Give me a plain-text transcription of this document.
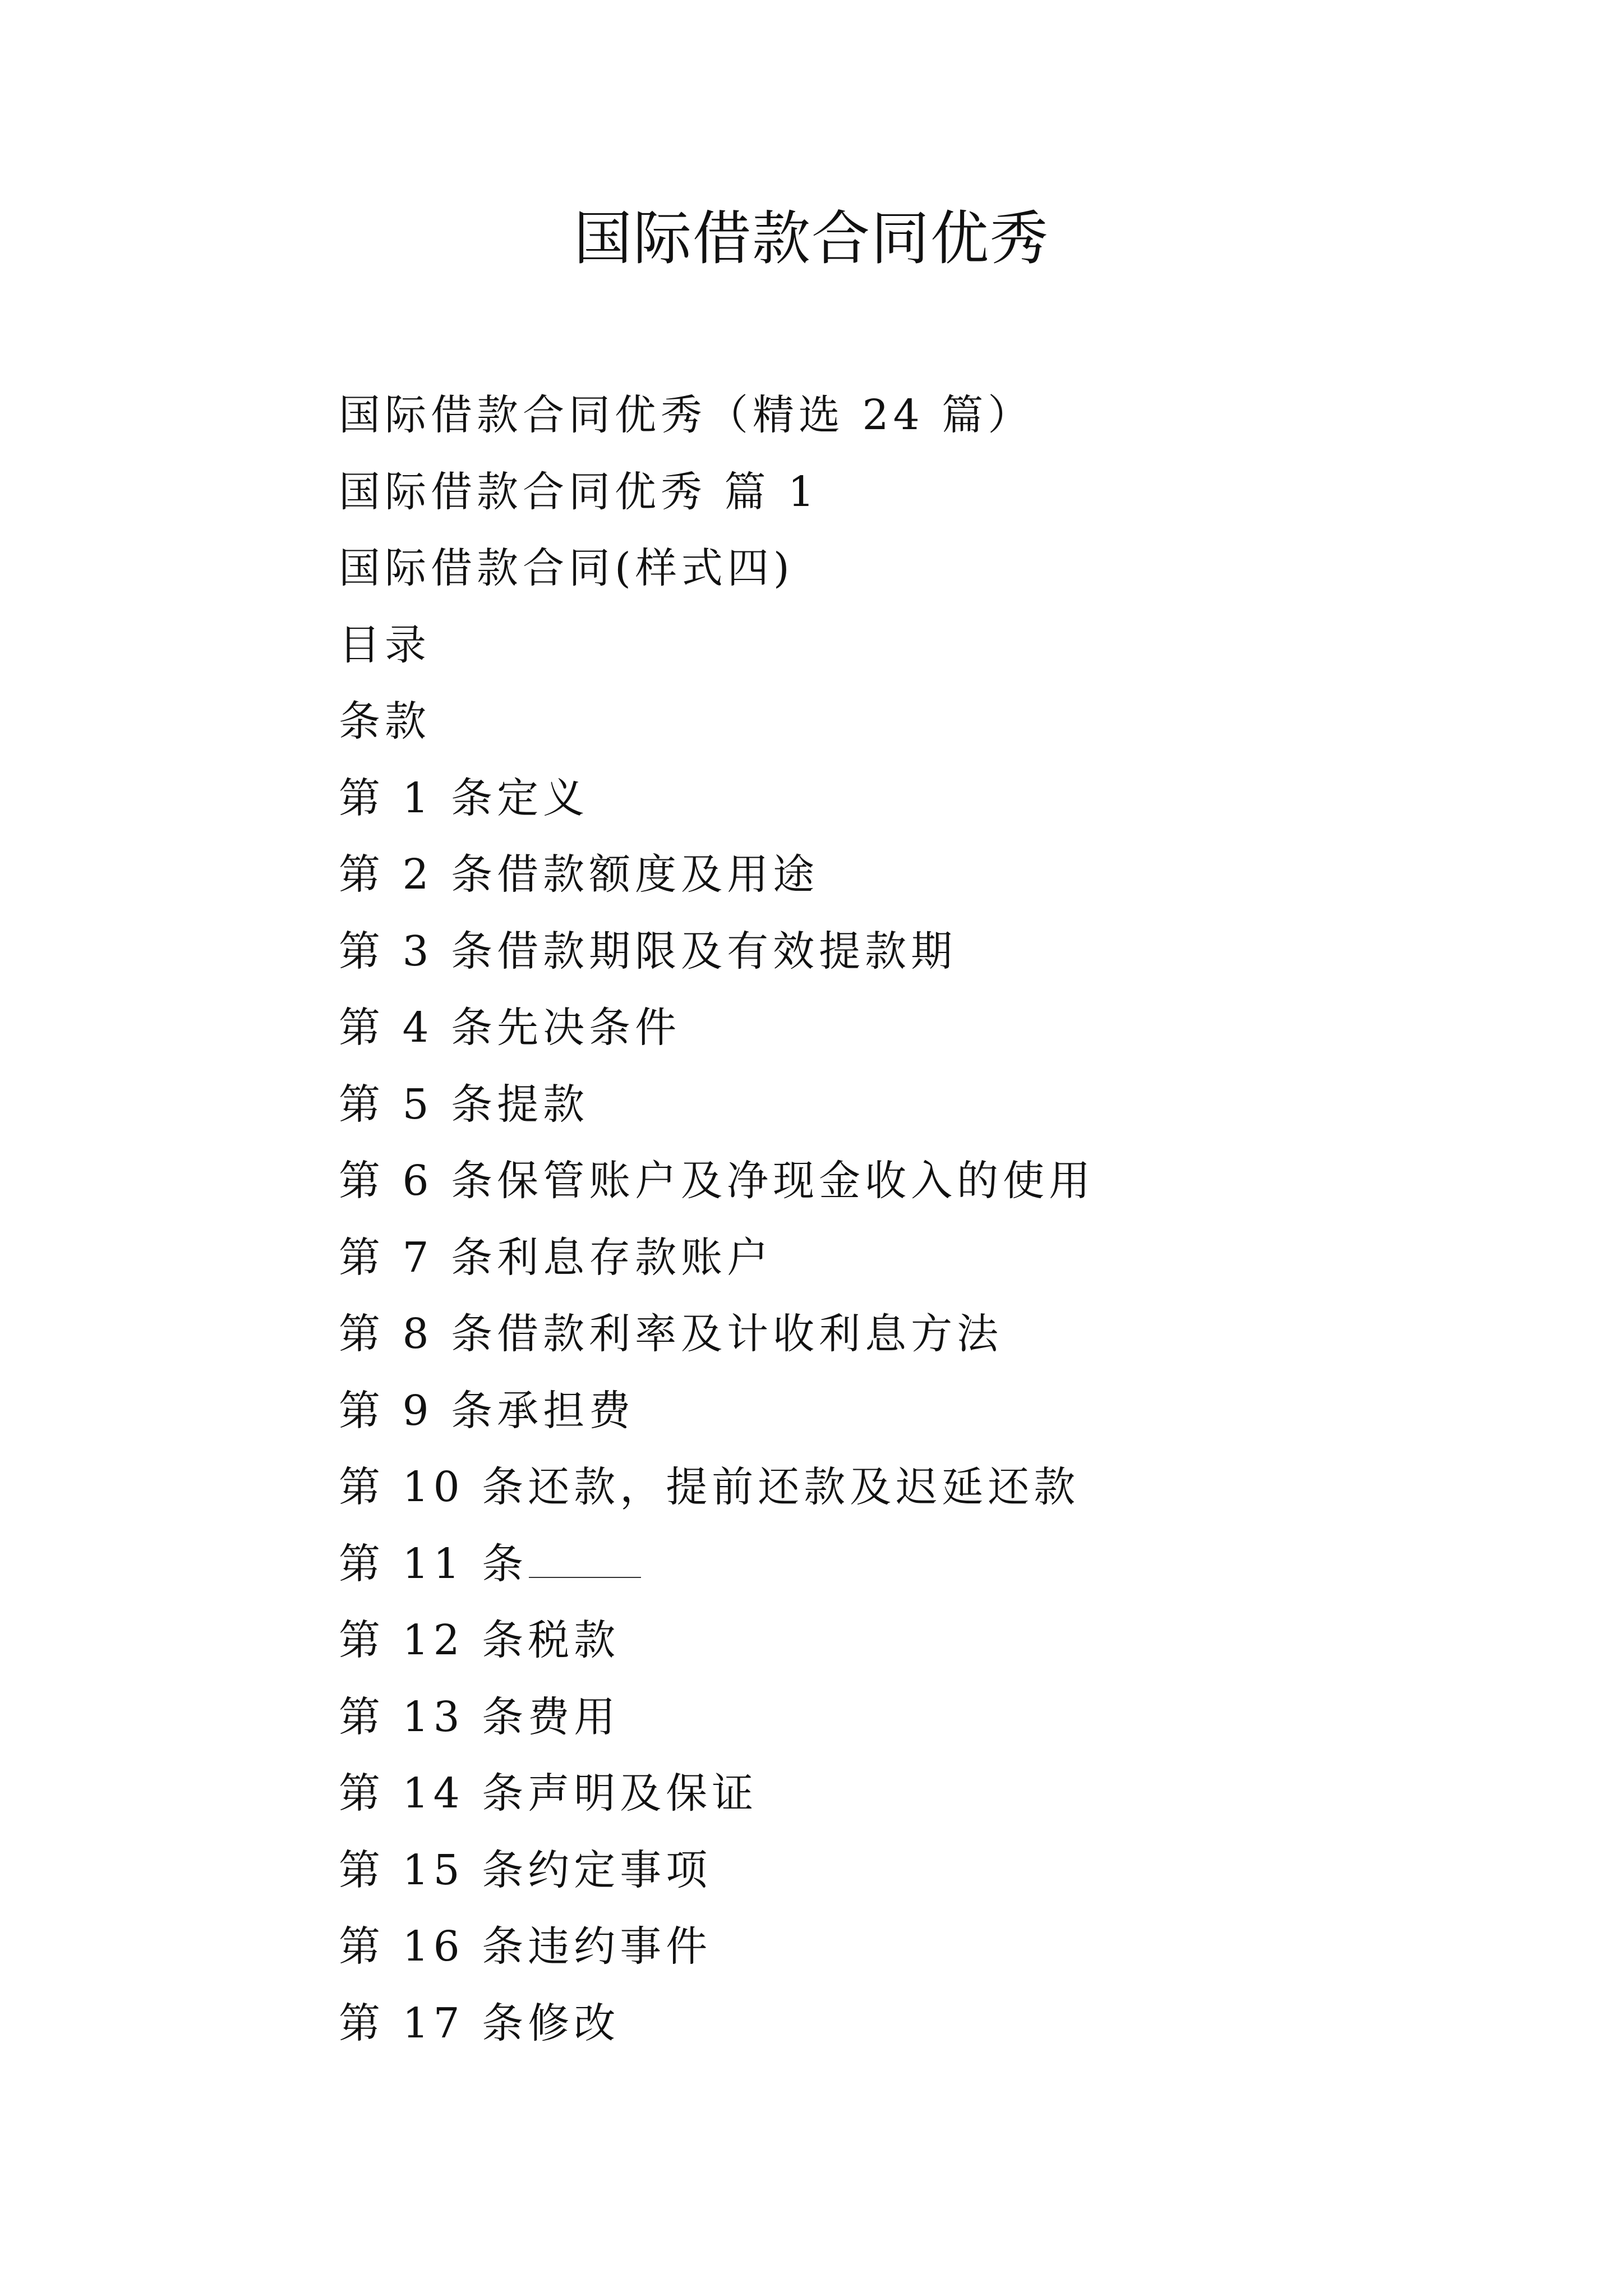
国际借款合同优秀
国际借款合同优秀（精选 24 篇）
国际借款合同优秀 篇 1
国际借款合同(样式四)
目录
条款
第 1 条定义
第 2 条借款额度及用途
第 3 条借款期限及有效提款期
第 4 条先决条件
第 5 条提款
第 6 条保管账户及净现金收入的使用
第 7 条利息存款账户
第 8 条借款利率及计收利息方法
第 9 条承担费
第 10 条还款，提前还款及迟延还款
第 11 条
第 12 条税款
第 13 条费用
第 14 条声明及保证
第 15 条约定事项
第 16 条违约事件
第 17 条修改
